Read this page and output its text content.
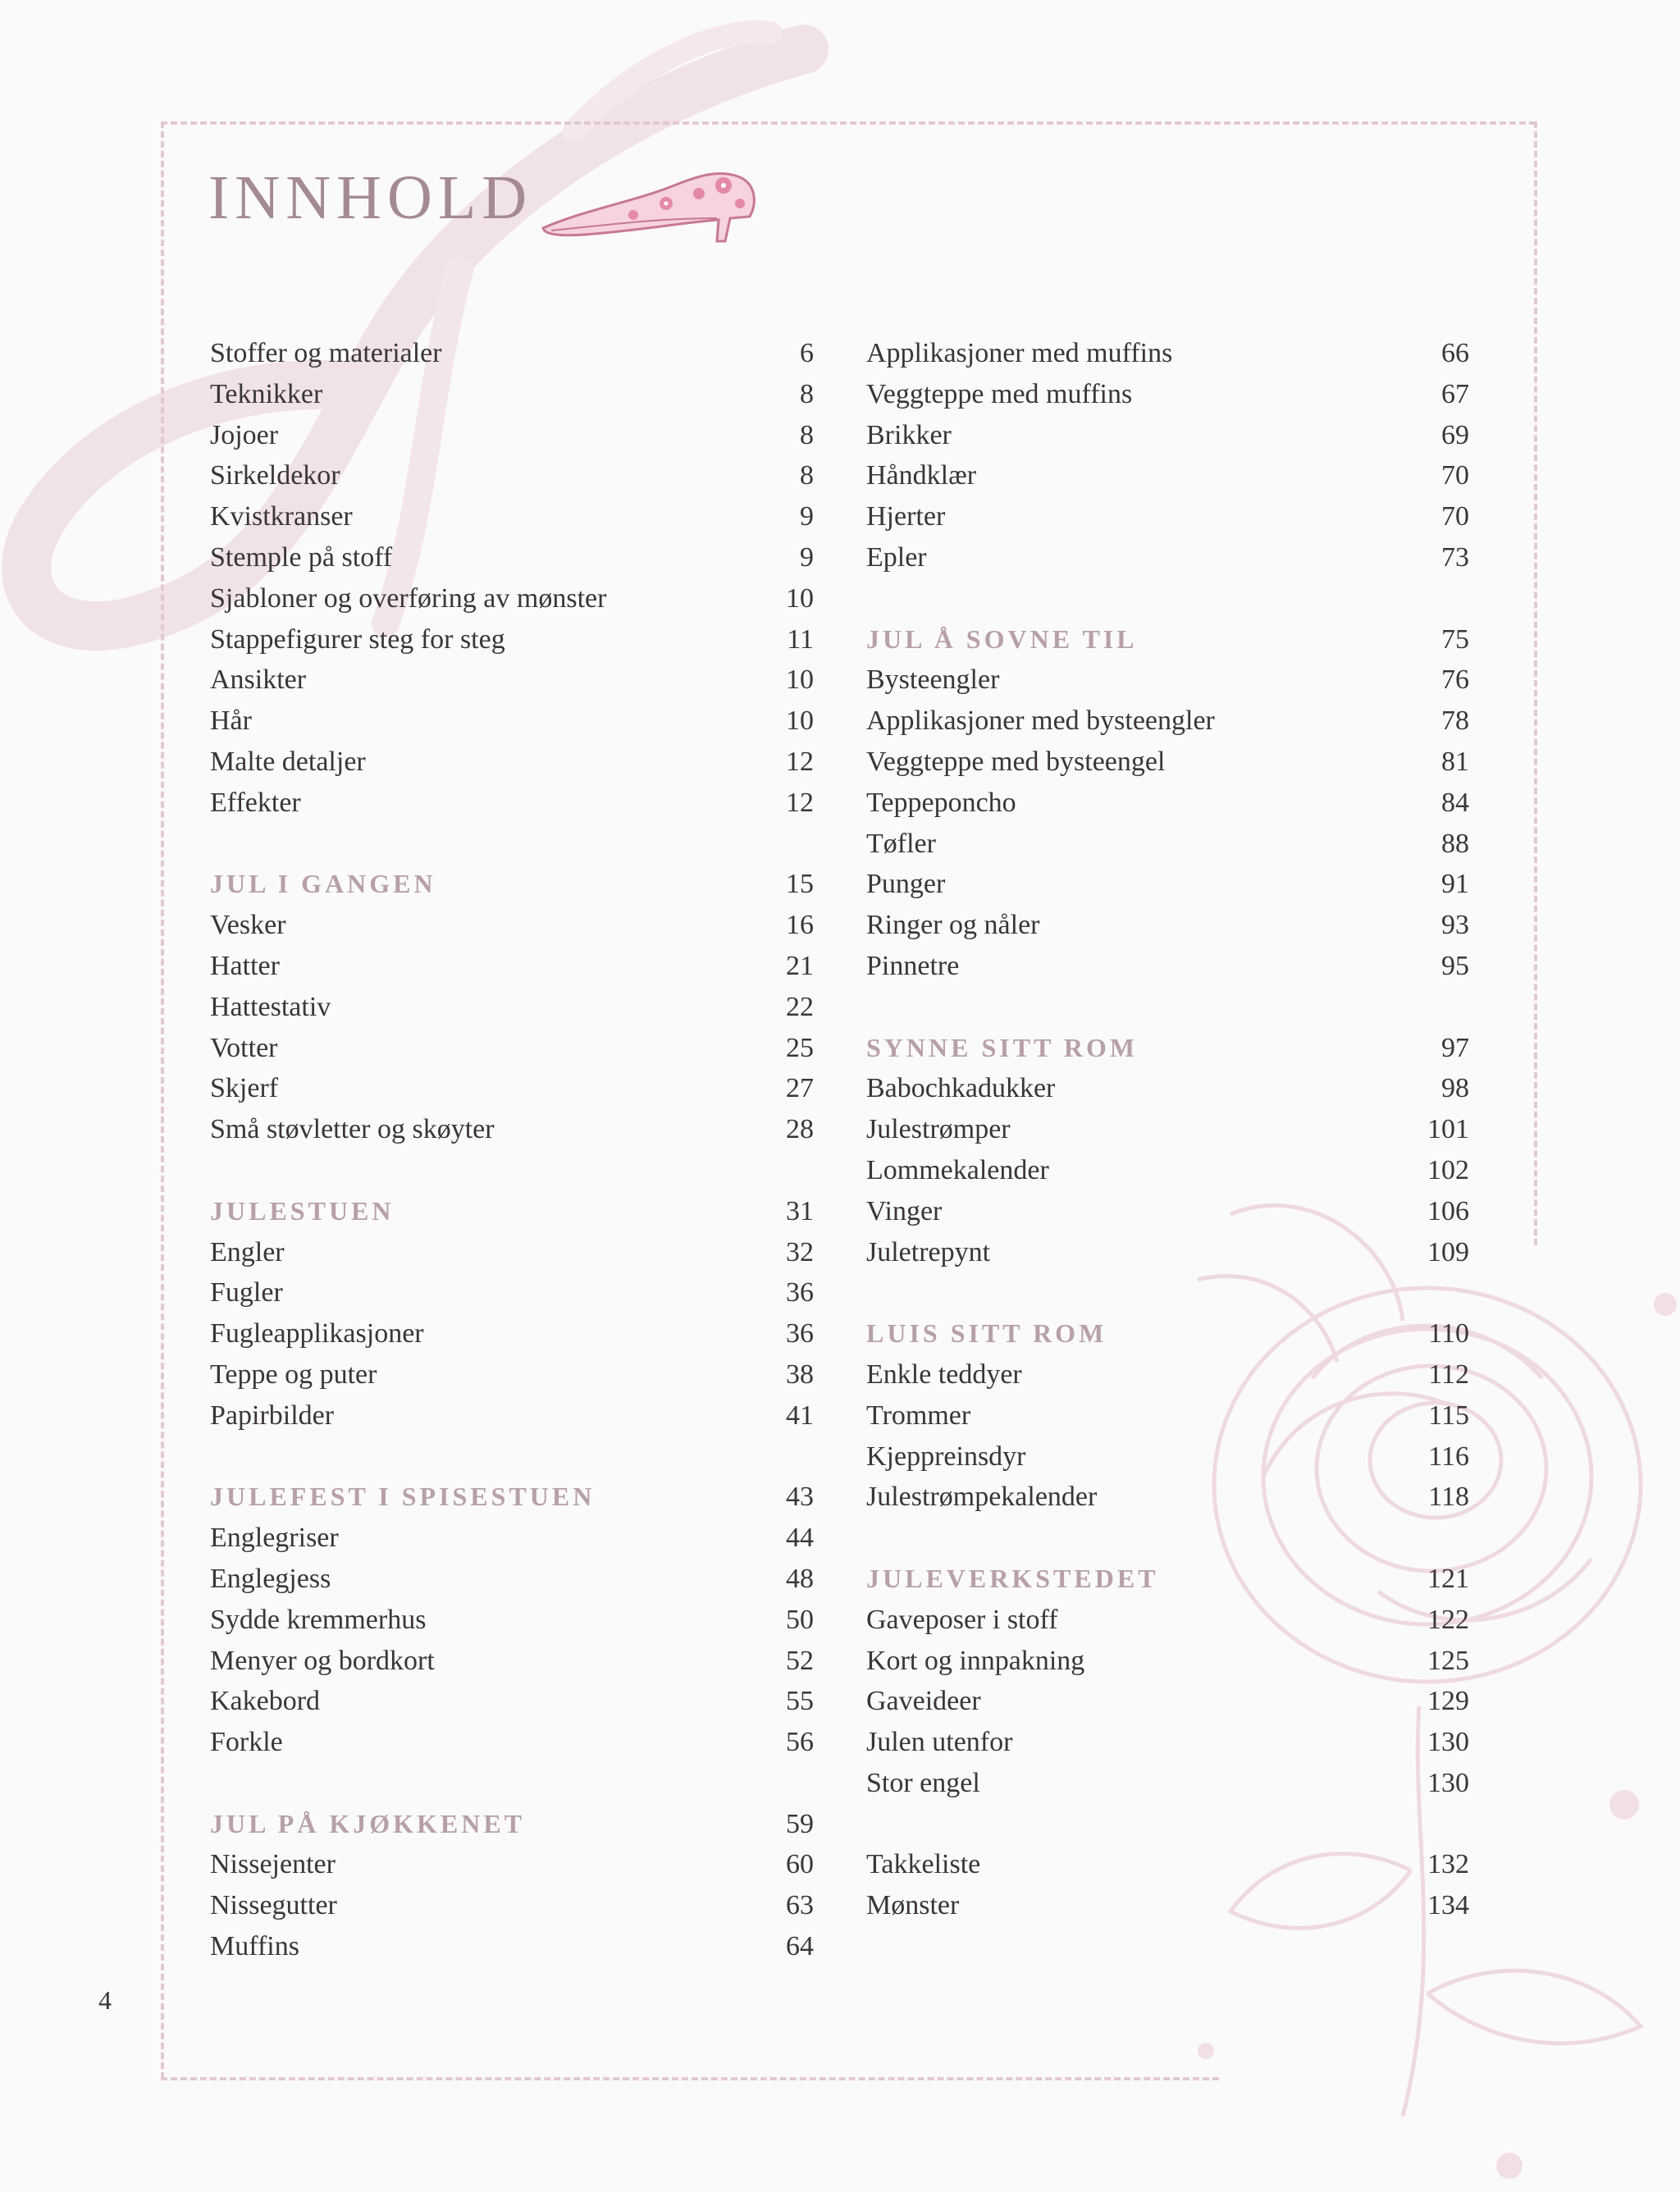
INNHOLD
Stoffer og materialer	6
Teknikker	8
Jojoer	8
Sirkeldekor	8
Kvistkranser	9
Stemple på stoff	9
Sjabloner og overføring av mønster	10
Stappefigurer steg for steg	11
Ansikter	10
Hår	10
Malte detaljer	12
Effekter	12
JUL I GANGEN	15
Vesker	16
Hatter	21
Hattestativ	22
Votter	25
Skjerf	27
Små støvletter og skøyter	28
JULESTUEN	31
Engler	32
Fugler	36
Fugleapplikasjoner	36
Teppe og puter	38
Papirbilder	41
JULEFEST I SPISESTUEN	43
Englegriser	44
Englegjess	48
Sydde kremmerhus	50
Menyer og bordkort	52
Kakebord	55
Forkle	56
JUL PÅ KJØKKENET	59
Nissejenter	60
Nissegutter	63
Muffins	64
Applikasjoner med muffins	66
Veggteppe med muffins	67
Brikker	69
Håndklær	70
Hjerter	70
Epler	73
JUL Å SOVNE TIL	75
Bysteengler	76
Applikasjoner med bysteengler	78
Veggteppe med bysteengel	81
Teppeponcho	84
Tøfler	88
Punger	91
Ringer og nåler	93
Pinnetre	95
SYNNE SITT ROM	97
Babochkadukker	98
Julestrømper	101
Lommekalender	102
Vinger	106
Juletrepynt	109
LUIS SITT ROM	110
Enkle teddyer	112
Trommer	115
Kjeppreinsdyr	116
Julestrømpekalender	118
JULEVERKSTEDET	121
Gaveposer i stoff	122
Kort og innpakning	125
Gaveideer	129
Julen utenfor	130
Stor engel	130
Takkeliste	132
Mønster	134
4
